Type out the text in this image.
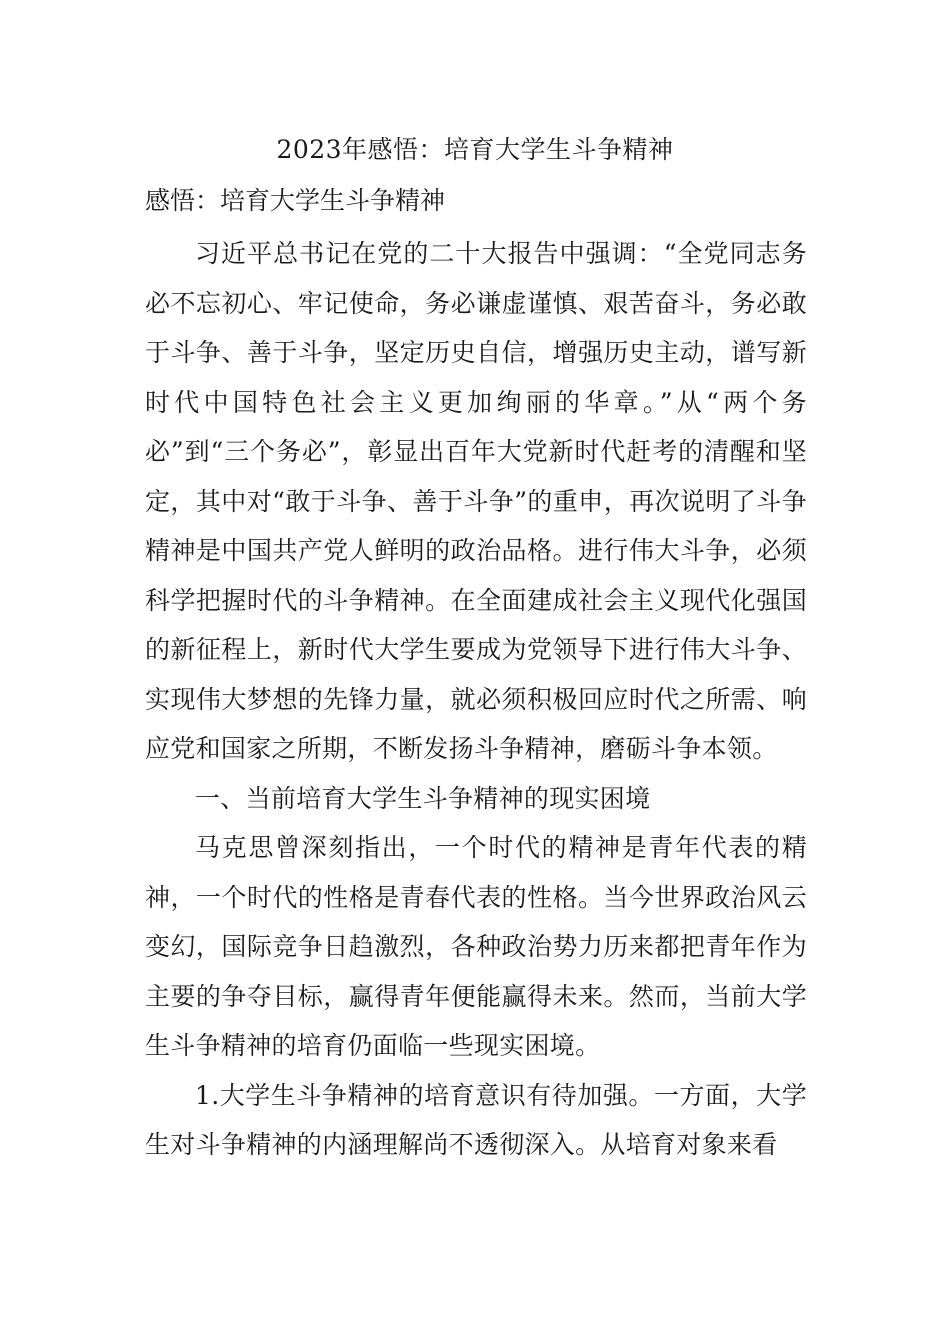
2023年感悟：培育大学生斗争精神
感悟：培育大学生斗争精神

习近平总书记在党的二十大报告中强调：“全党同志务必不忘初心、牢记使命，务必谦虚谨慎、艰苦奋斗，务必敢于斗争、善于斗争，坚定历史自信，增强历史主动，谱写新时代中国特色社会主义更加绚丽的华章。”从“两个务必”到“三个务必”，彰显出百年大党新时代赶考的清醒和坚定，其中对“敢于斗争、善于斗争”的重申，再次说明了斗争精神是中国共产党人鲜明的政治品格。进行伟大斗争，必须科学把握时代的斗争精神。在全面建成社会主义现代化强国的新征程上，新时代大学生要成为党领导下进行伟大斗争、实现伟大梦想的先锋力量，就必须积极回应时代之所需、响应党和国家之所期，不断发扬斗争精神，磨砺斗争本领。

一、当前培育大学生斗争精神的现实困境

马克思曾深刻指出，一个时代的精神是青年代表的精神，一个时代的性格是青春代表的性格。当今世界政治风云变幻，国际竞争日趋激烈，各种政治势力历来都把青年作为主要的争夺目标，赢得青年便能赢得未来。然而，当前大学生斗争精神的培育仍面临一些现实困境。

1.大学生斗争精神的培育意识有待加强。一方面，大学生对斗争精神的内涵理解尚不透彻深入。从培育对象来看
